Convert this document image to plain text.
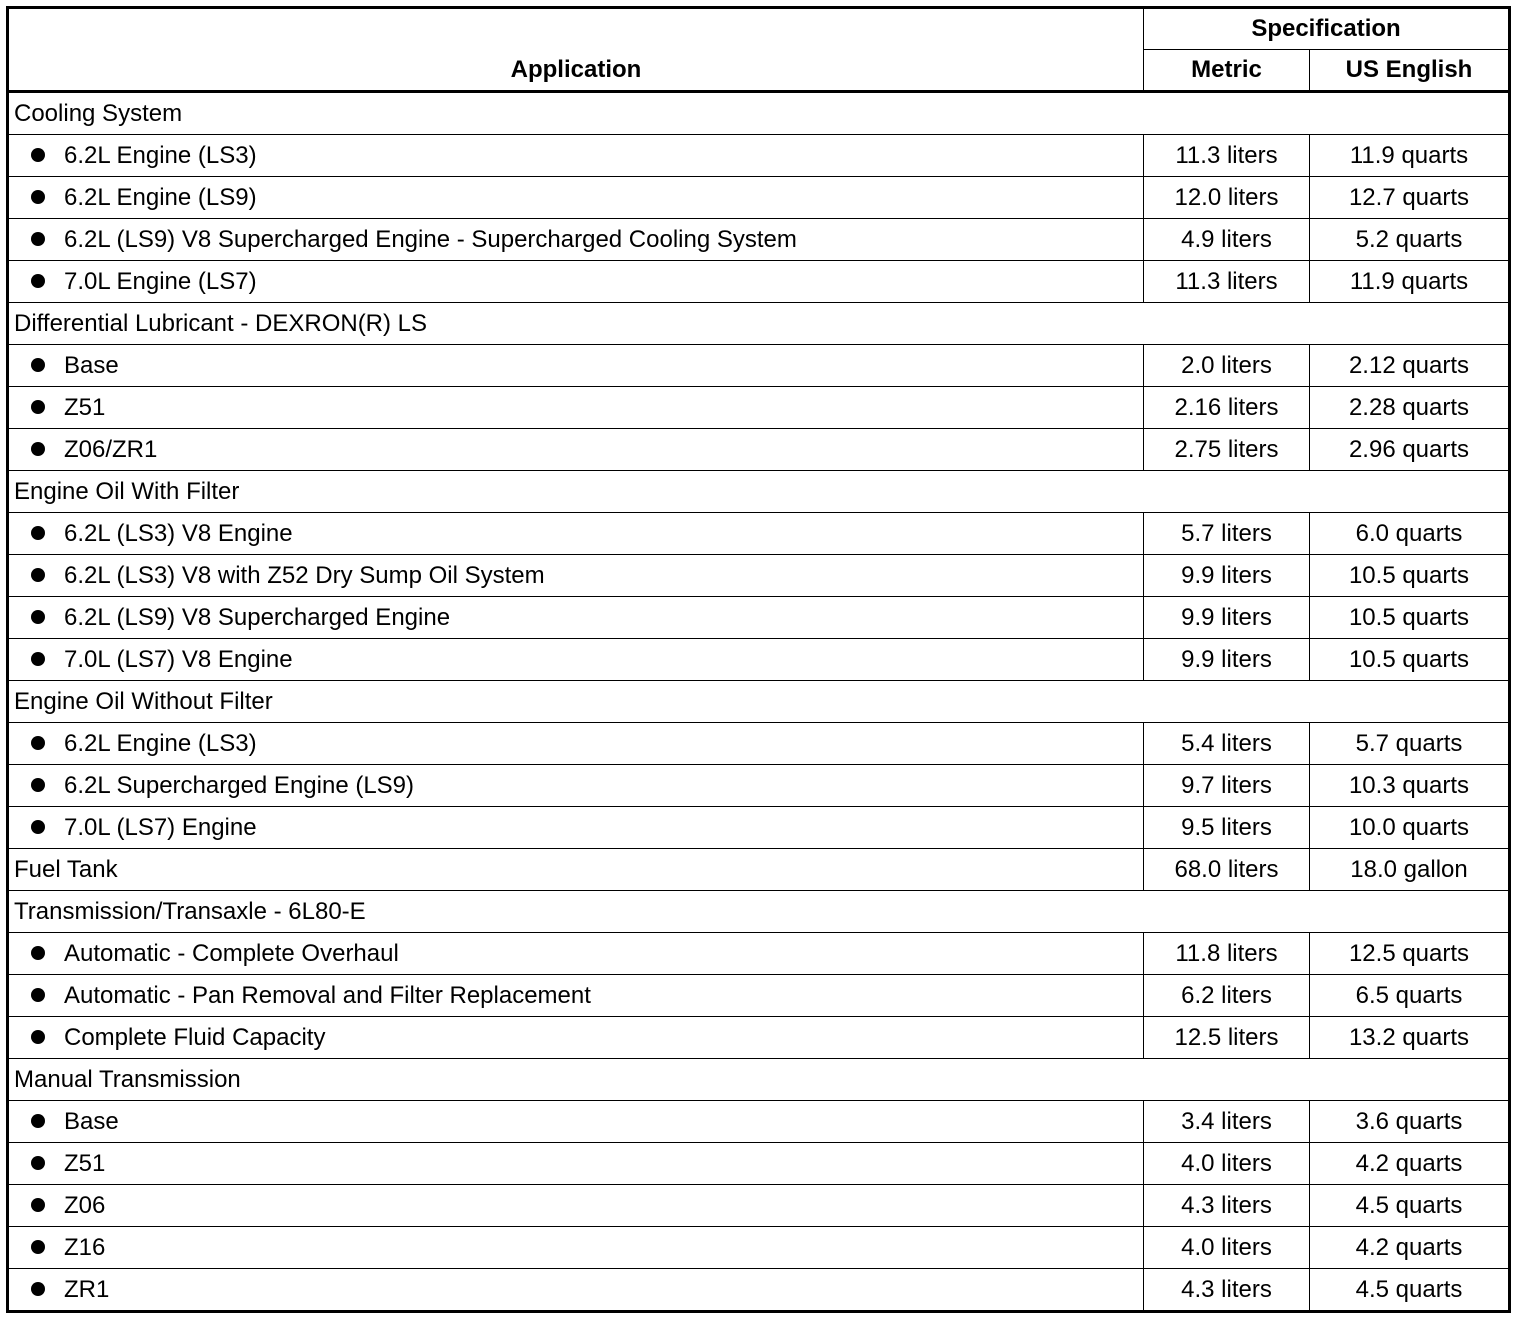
Application	Specification	
	Metric	US English
Cooling System		
6.2L Engine (LS3)	11.3 liters	11.9 quarts
6.2L Engine (LS9)	12.0 liters	12.7 quarts
6.2L (LS9) V8 Supercharged Engine - Supercharged Cooling System	4.9 liters	5.2 quarts
7.0L Engine (LS7)	11.3 liters	11.9 quarts
Differential Lubricant - DEXRON(R) LS		
Base	2.0 liters	2.12 quarts
Z51	2.16 liters	2.28 quarts
Z06/ZR1	2.75 liters	2.96 quarts
Engine Oil With Filter		
6.2L (LS3) V8 Engine	5.7 liters	6.0 quarts
6.2L (LS3) V8 with Z52 Dry Sump Oil System	9.9 liters	10.5 quarts
6.2L (LS9) V8 Supercharged Engine	9.9 liters	10.5 quarts
7.0L (LS7) V8 Engine	9.9 liters	10.5 quarts
Engine Oil Without Filter		
6.2L Engine (LS3)	5.4 liters	5.7 quarts
6.2L Supercharged Engine (LS9)	9.7 liters	10.3 quarts
7.0L (LS7) Engine	9.5 liters	10.0 quarts
Fuel Tank	68.0 liters	18.0 gallon
Transmission/Transaxle - 6L80-E		
Automatic - Complete Overhaul	11.8 liters	12.5 quarts
Automatic - Pan Removal and Filter Replacement	6.2 liters	6.5 quarts
Complete Fluid Capacity	12.5 liters	13.2 quarts
Manual Transmission		
Base	3.4 liters	3.6 quarts
Z51	4.0 liters	4.2 quarts
Z06	4.3 liters	4.5 quarts
Z16	4.0 liters	4.2 quarts
ZR1	4.3 liters	4.5 quarts
